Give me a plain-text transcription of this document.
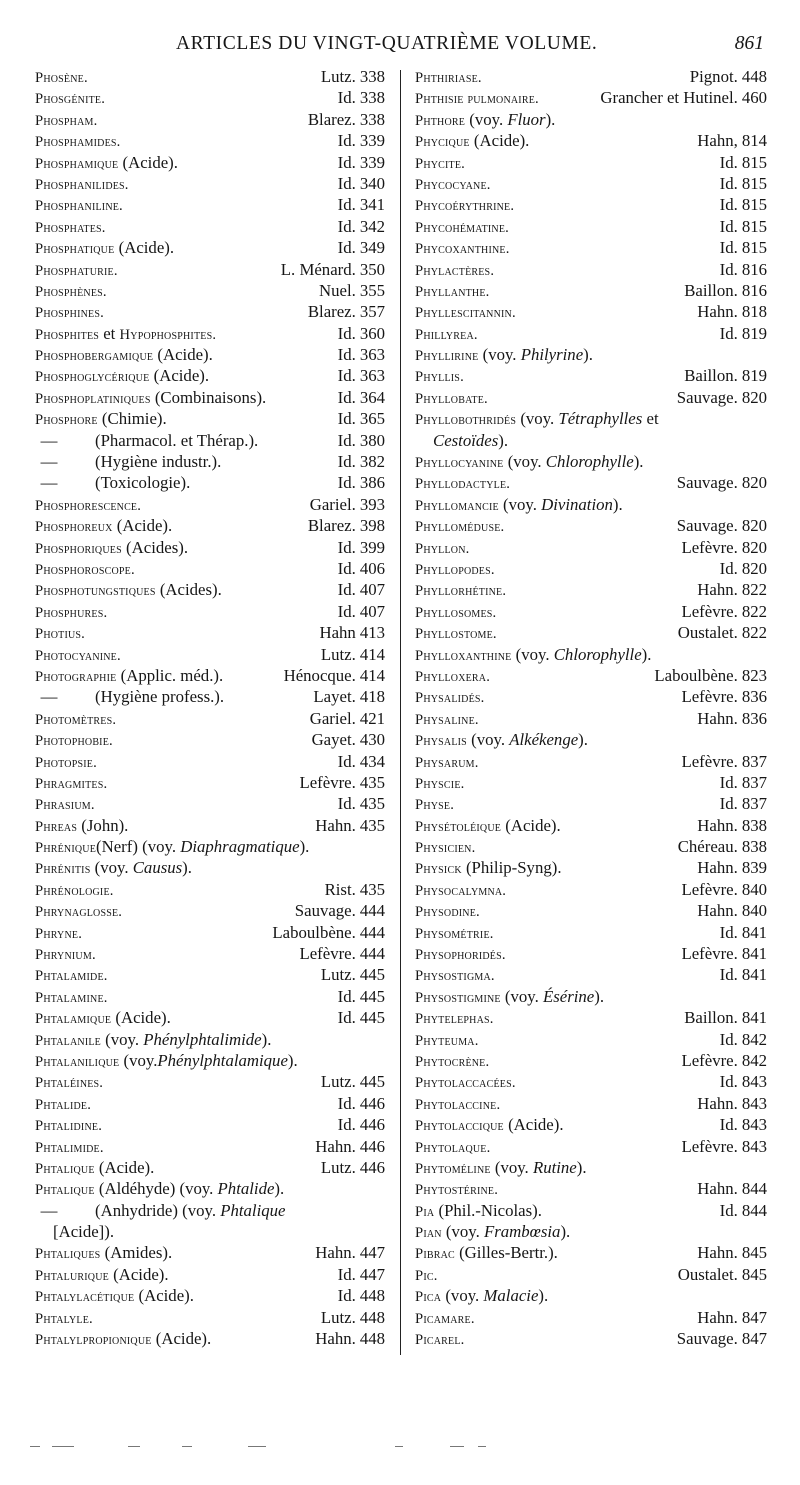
ARTICLES DU VINGT-QUATRIÈME VOLUME.	861
Phosène.	Lutz. 338
Phosgénite.	Id. 338
Phospham.	Blarez. 338
Phosphamides.	Id. 339
Phosphamique (Acide).	Id. 339
Phosphanilides.	Id. 340
Phosphaniline.	Id. 341
Phosphates.	Id. 342
Phosphatique (Acide).	Id. 349
Phosphaturie.	L. Ménard. 350
Phosphènes.	Nuel. 355
Phosphines.	Blarez. 357
Phosphites et Hypophosphites.	Id. 360
Phosphobergamique (Acide).	Id. 363
Phosphoglycérique (Acide).	Id. 363
Phosphoplatiniques (Combinaisons).	Id. 364
Phosphore (Chimie).	Id. 365
— (Pharmacol. et Thérap.).	Id. 380
— (Hygiène industr.).	Id. 382
— (Toxicologie).	Id. 386
Phosphorescence.	Gariel. 393
Phosphoreux (Acide).	Blarez. 398
Phosphoriques (Acides).	Id. 399
Phosphoroscope.	Id. 406
Phosphotungstiques (Acides).	Id. 407
Phosphures.	Id. 407
Photius.	Hahn 413
Photocyanine.	Lutz. 414
Photographie (Applic. méd.).	Hénocque. 414
— (Hygiène profess.).	Layet. 418
Photomètres.	Gariel. 421
Photophobie.	Gayet. 430
Photopsie.	Id. 434
Phragmites.	Lefèvre. 435
Phrasium.	Id. 435
Phreas (John).	Hahn. 435
Phrénique(Nerf) (voy. Diaphragmatique).
Phrénitis (voy. Causus).
Phrénologie.	Rist. 435
Phrynaglosse.	Sauvage. 444
Phryne.	Laboulbène. 444
Phrynium.	Lefèvre. 444
Phtalamide.	Lutz. 445
Phtalamine.	Id. 445
Phtalamique (Acide).	Id. 445
Phtalanile (voy. Phénylphtalimide).
Phtalanilique (voy.Phénylphtalamique).
Phtaléines.	Lutz. 445
Phtalide.	Id. 446
Phtalidine.	Id. 446
Phtalimide.	Hahn. 446
Phtalique (Acide).	Lutz. 446
Phtalique (Aldéhyde) (voy. Phtalide).
— (Anhydride) (voy. Phtalique
[Acide]).
Phtaliques (Amides).	Hahn. 447
Phtalurique (Acide).	Id. 447
Phtalylacétique (Acide).	Id. 448
Phtalyle.	Lutz. 448
Phtalylpropionique (Acide).	Hahn. 448
Phthiriase.	Pignot. 448
Phthisie pulmonaire.	Grancher et Hutinel. 460
Phthore (voy. Fluor).
Phycique (Acide).	Hahn, 814
Phycite.	Id. 815
Phycocyane.	Id. 815
Phycoérythrine.	Id. 815
Phycohématine.	Id. 815
Phycoxanthine.	Id. 815
Phylactères.	Id. 816
Phyllanthe.	Baillon. 816
Phyllescitannin.	Hahn. 818
Phillyrea.	Id. 819
Phyllirine (voy. Philyrine).
Phyllis.	Baillon. 819
Phyllobate.	Sauvage. 820
Phyllobothridés (voy. Tétraphylles et
Cestoïdes).
Phyllocyanine (voy. Chlorophylle).
Phyllodactyle.	Sauvage. 820
Phyllomancie (voy. Divination).
Phylloméduse.	Sauvage. 820
Phyllon.	Lefèvre. 820
Phyllopodes.	Id. 820
Phyllorhétine.	Hahn. 822
Phyllosomes.	Lefèvre. 822
Phyllostome.	Oustalet. 822
Phylloxanthine (voy. Chlorophylle).
Phylloxera.	Laboulbène. 823
Physalidés.	Lefèvre. 836
Physaline.	Hahn. 836
Physalis (voy. Alkékenge).
Physarum.	Lefèvre. 837
Physcie.	Id. 837
Physe.	Id. 837
Physétoléique (Acide).	Hahn. 838
Physicien.	Chéreau. 838
Physick (Philip-Syng).	Hahn. 839
Physocalymna.	Lefèvre. 840
Physodine.	Hahn. 840
Physométrie.	Id. 841
Physophoridés.	Lefèvre. 841
Physostigma.	Id. 841
Physostigmine (voy. Ésérine).
Phytelephas.	Baillon. 841
Phyteuma.	Id. 842
Phytocrène.	Lefèvre. 842
Phytolaccacées.	Id. 843
Phytolaccine.	Hahn. 843
Phytolaccique (Acide).	Id. 843
Phytolaque.	Lefèvre. 843
Phytoméline (voy. Rutine).
Phytostérine.	Hahn. 844
Pia (Phil.-Nicolas).	Id. 844
Pian (voy. Frambœsia).
Pibrac (Gilles-Bertr.).	Hahn. 845
Pic.	Oustalet. 845
Pica (voy. Malacie).
Picamare.	Hahn. 847
Picarel.	Sauvage. 847
